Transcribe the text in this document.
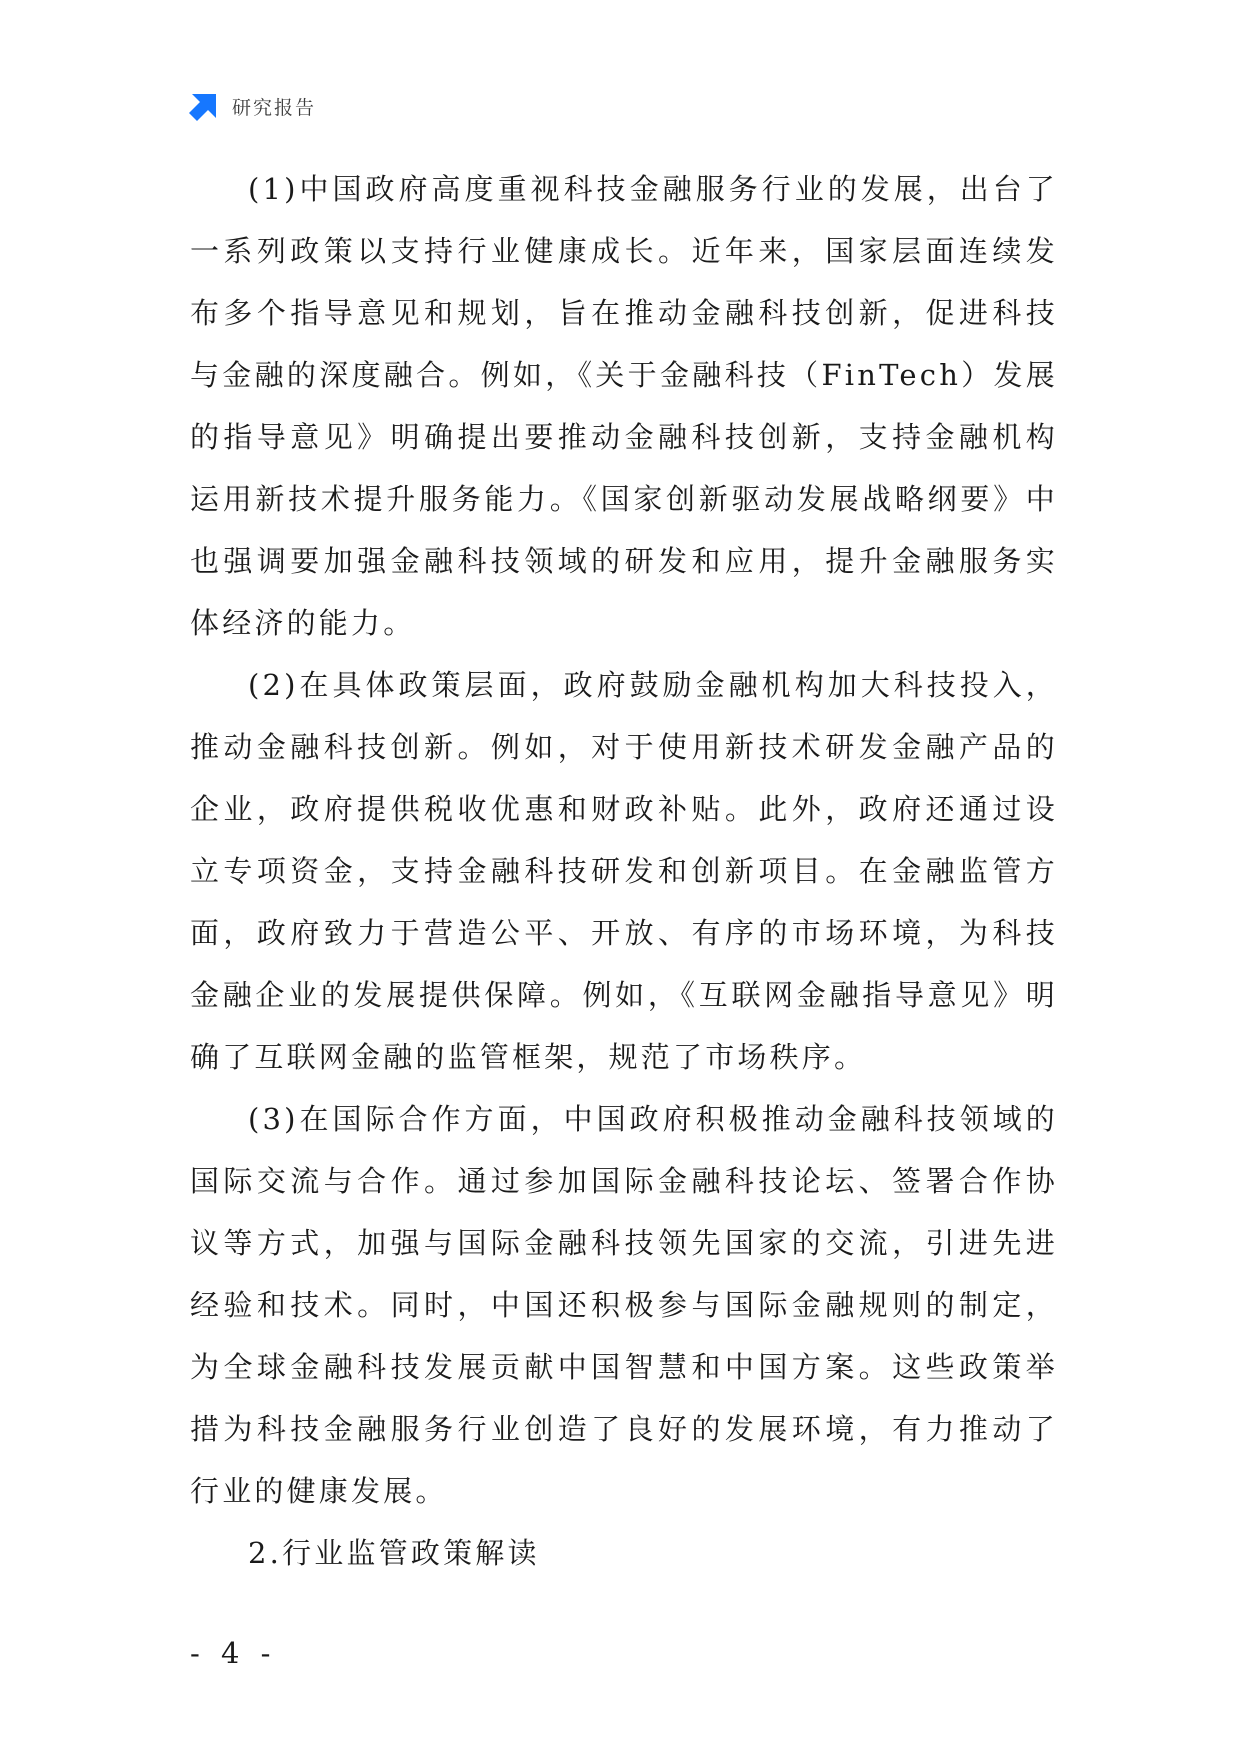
研究报告

(1)中国政府高度重视科技金融服务行业的发展，出台了一系列政策以支持行业健康成长。近年来，国家层面连续发布多个指导意见和规划，旨在推动金融科技创新，促进科技与金融的深度融合。例如，《关于金融科技（FinTech）发展的指导意见》明确提出要推动金融科技创新，支持金融机构运用新技术提升服务能力。《国家创新驱动发展战略纲要》中也强调要加强金融科技领域的研发和应用，提升金融服务实体经济的能力。

(2)在具体政策层面，政府鼓励金融机构加大科技投入，推动金融科技创新。例如，对于使用新技术研发金融产品的企业，政府提供税收优惠和财政补贴。此外，政府还通过设立专项资金，支持金融科技研发和创新项目。在金融监管方面，政府致力于营造公平、开放、有序的市场环境，为科技金融企业的发展提供保障。例如，《互联网金融指导意见》明确了互联网金融的监管框架，规范了市场秩序。

(3)在国际合作方面，中国政府积极推动金融科技领域的国际交流与合作。通过参加国际金融科技论坛、签署合作协议等方式，加强与国际金融科技领先国家的交流，引进先进经验和技术。同时，中国还积极参与国际金融规则的制定，为全球金融科技发展贡献中国智慧和中国方案。这些政策举措为科技金融服务行业创造了良好的发展环境，有力推动了行业的健康发展。

2.行业监管政策解读

- 4 -
